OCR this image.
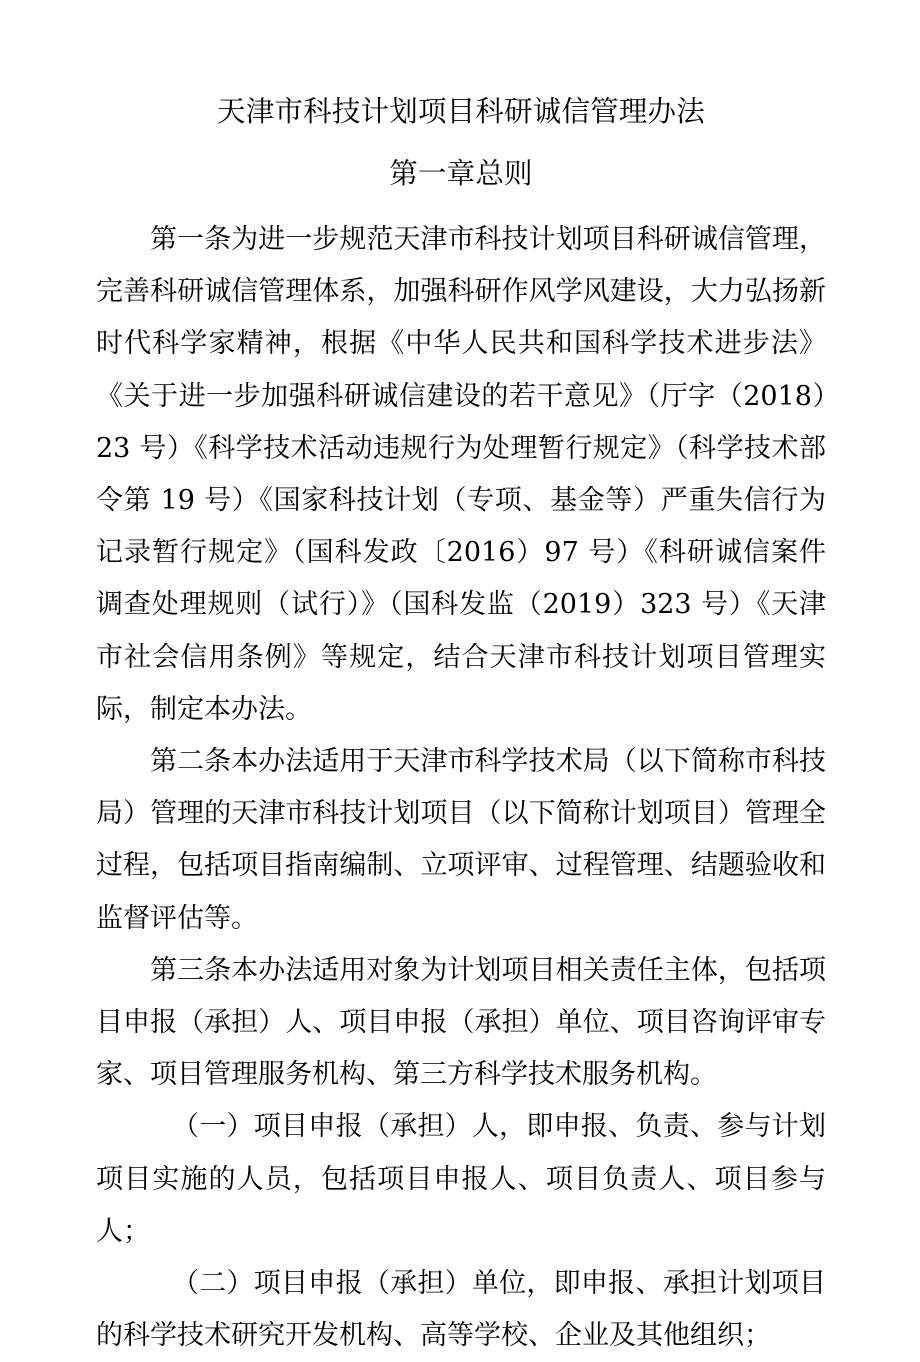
天津市科技计划项目科研诚信管理办法
第一章总则

第一条为进一步规范天津市科技计划项目科研诚信管理，完善科研诚信管理体系，加强科研作风学风建设，大力弘扬新时代科学家精神，根据《中华人民共和国科学技术进步法》《关于进一步加强科研诚信建设的若干意见》（厅字（2018）23 号）《科学技术活动违规行为处理暂行规定》（科学技术部令第 19 号）《国家科技计划（专项、基金等）严重失信行为记录暂行规定》（国科发政〔2016）97 号）《科研诚信案件调查处理规则（试行）》（国科发监（2019）323 号）《天津市社会信用条例》等规定，结合天津市科技计划项目管理实际，制定本办法。

第二条本办法适用于天津市科学技术局（以下简称市科技局）管理的天津市科技计划项目（以下简称计划项目）管理全过程，包括项目指南编制、立项评审、过程管理、结题验收和监督评估等。

第三条本办法适用对象为计划项目相关责任主体，包括项目申报（承担）人、项目申报（承担）单位、项目咨询评审专家、项目管理服务机构、第三方科学技术服务机构。

（一）项目申报（承担）人，即申报、负责、参与计划项目实施的人员，包括项目申报人、项目负责人、项目参与人；

（二）项目申报（承担）单位，即申报、承担计划项目的科学技术研究开发机构、高等学校、企业及其他组织；
